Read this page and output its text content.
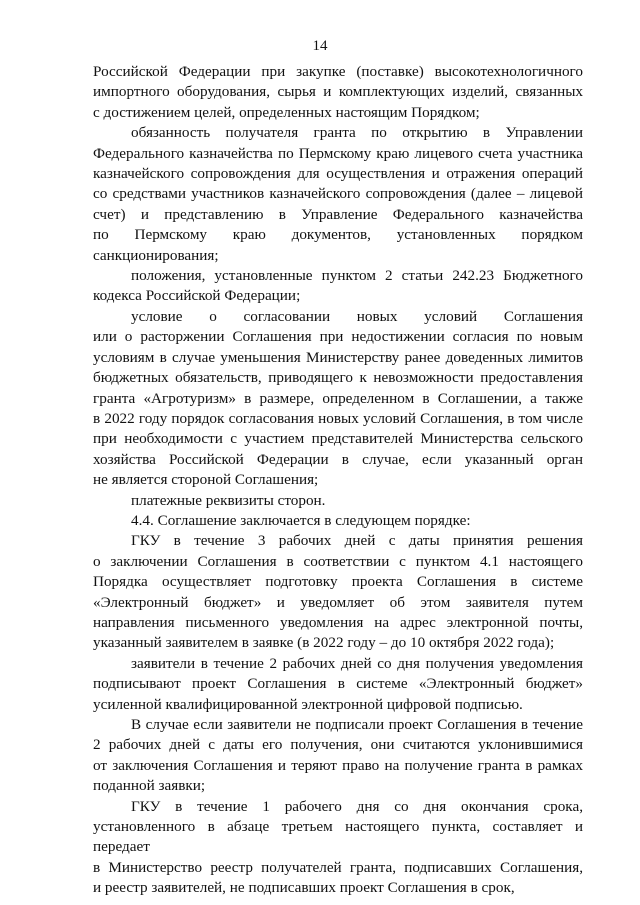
14
Российской Федерации при закупке (поставке) высокотехнологичного
импортного оборудования, сырья и комплектующих изделий, связанных
с достижением целей, определенных настоящим Порядком;
обязанность получателя гранта по открытию в Управлении
Федерального казначейства по Пермскому краю лицевого счета участника
казначейского сопровождения для осуществления и отражения операций
со средствами участников казначейского сопровождения (далее – лицевой
счет) и представлению в Управление Федерального казначейства
по Пермскому краю документов, установленных порядком
санкционирования;
положения, установленные пунктом 2 статьи 242.23 Бюджетного
кодекса Российской Федерации;
условие о согласовании новых условий Соглашения
или о расторжении Соглашения при недостижении согласия по новым
условиям в случае уменьшения Министерству ранее доведенных лимитов
бюджетных обязательств, приводящего к невозможности предоставления
гранта «Агротуризм» в размере, определенном в Соглашении, а также
в 2022 году порядок согласования новых условий Соглашения, в том числе
при необходимости с участием представителей Министерства сельского
хозяйства Российской Федерации в случае, если указанный орган
не является стороной Соглашения;
платежные реквизиты сторон.
4.4. Соглашение заключается в следующем порядке:
ГКУ в течение 3 рабочих дней с даты принятия решения
о заключении Соглашения в соответствии с пунктом 4.1 настоящего
Порядка осуществляет подготовку проекта Соглашения в системе
«Электронный бюджет» и уведомляет об этом заявителя путем
направления письменного уведомления на адрес электронной почты,
указанный заявителем в заявке (в 2022 году – до 10 октября 2022 года);
заявители в течение 2 рабочих дней со дня получения уведомления
подписывают проект Соглашения в системе «Электронный бюджет»
усиленной квалифицированной электронной цифровой подписью.
В случае если заявители не подписали проект Соглашения в течение
2 рабочих дней с даты его получения, они считаются уклонившимися
от заключения Соглашения и теряют право на получение гранта в рамках
поданной заявки;
ГКУ в течение 1 рабочего дня со дня окончания срока,
установленного в абзаце третьем настоящего пункта, составляет и передает
в Министерство реестр получателей гранта, подписавших Соглашения,
и реестр заявителей, не подписавших проект Соглашения в срок,
